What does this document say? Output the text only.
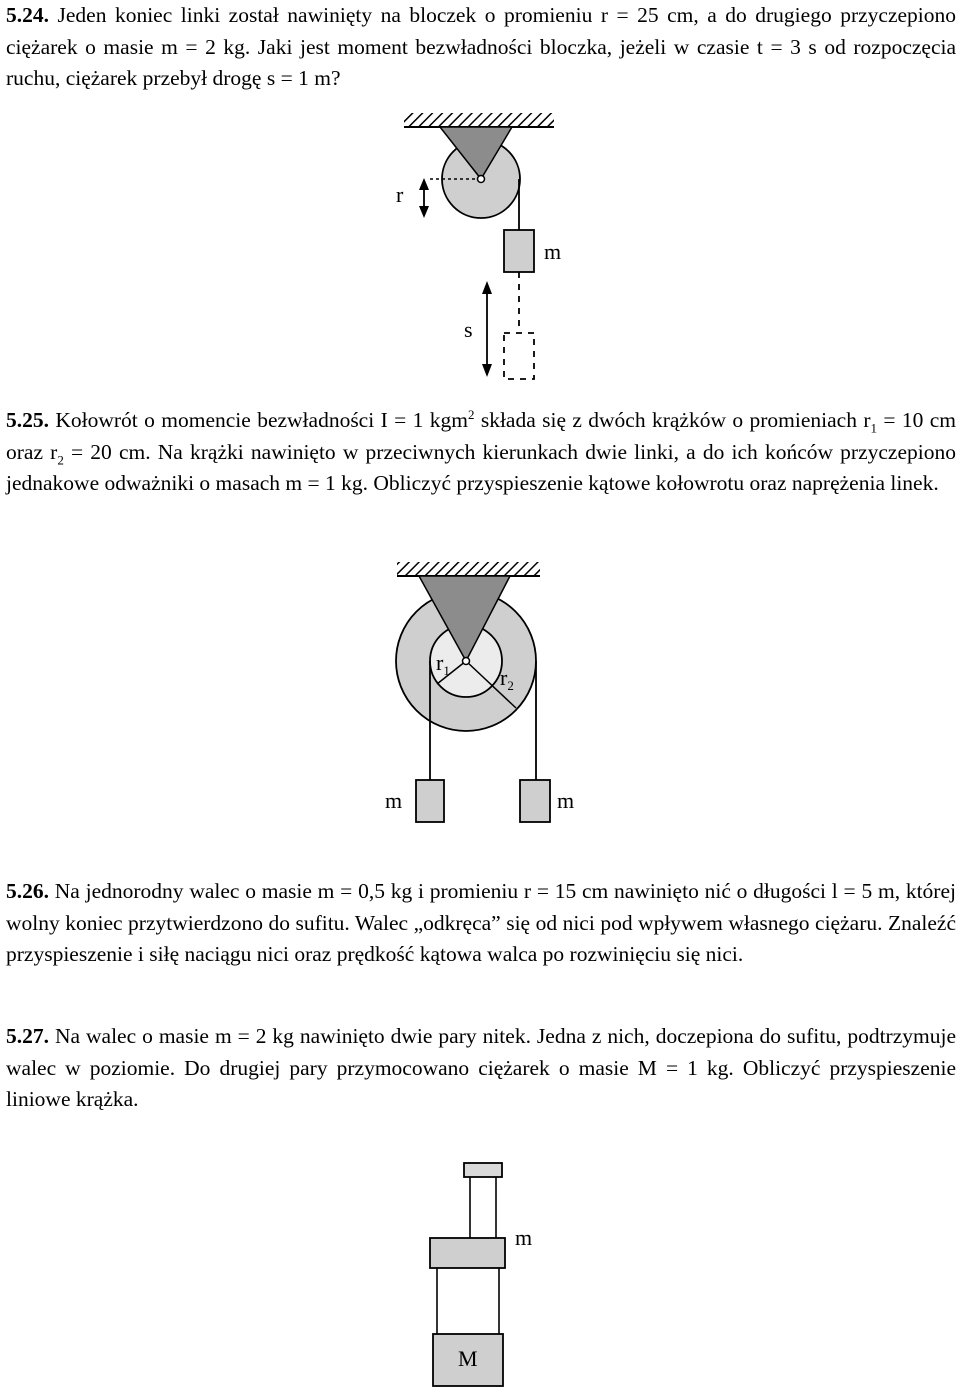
5.24. Jeden koniec linki został nawinięty na bloczek o promieniu r = 25 cm, a do drugiego przyczepiono ciężarek o masie m = 2 kg. Jaki jest moment bezwładności bloczka, jeżeli w czasie t = 3 s od rozpoczęcia ruchu, ciężarek przebył drogę s = 1 m?
r
m
s
5.25. Kołowrót o momencie bezwładności I = 1 kgm$^2$ składa się z dwóch krążków o promieniach $r_1 = 10$ cm oraz $r_2 = 20$ cm. Na krążki nawinięto w przeciwnych kierunkach dwie linki, a do ich końców przyczepiono jednakowe odważniki o masach m = 1 kg. Obliczyć przyspieszenie kątowe kołowrotu oraz naprężenia linek.
$r_1$ $r_2$
m	m
5.26. Na jednorodny walec o masie m = 0,5 kg i promieniu r = 15 cm nawinięto nić o długości l = 5 m, której wolny koniec przytwierdzono do sufitu. Walec „odkręca” się od nici pod wpływem własnego ciężaru. Znaleźć przyspieszenie i siłę naciągu nici oraz prędkość kątowa walca po rozwinięciu się nici.
5.27. Na walec o masie m = 2 kg nawinięto dwie pary nitek. Jedna z nich, doczepiona do sufitu, podtrzymuje walec w poziomie. Do drugiej pary przymocowano ciężarek o masie M = 1 kg. Obliczyć przyspieszenie liniowe krążka.
m
M
